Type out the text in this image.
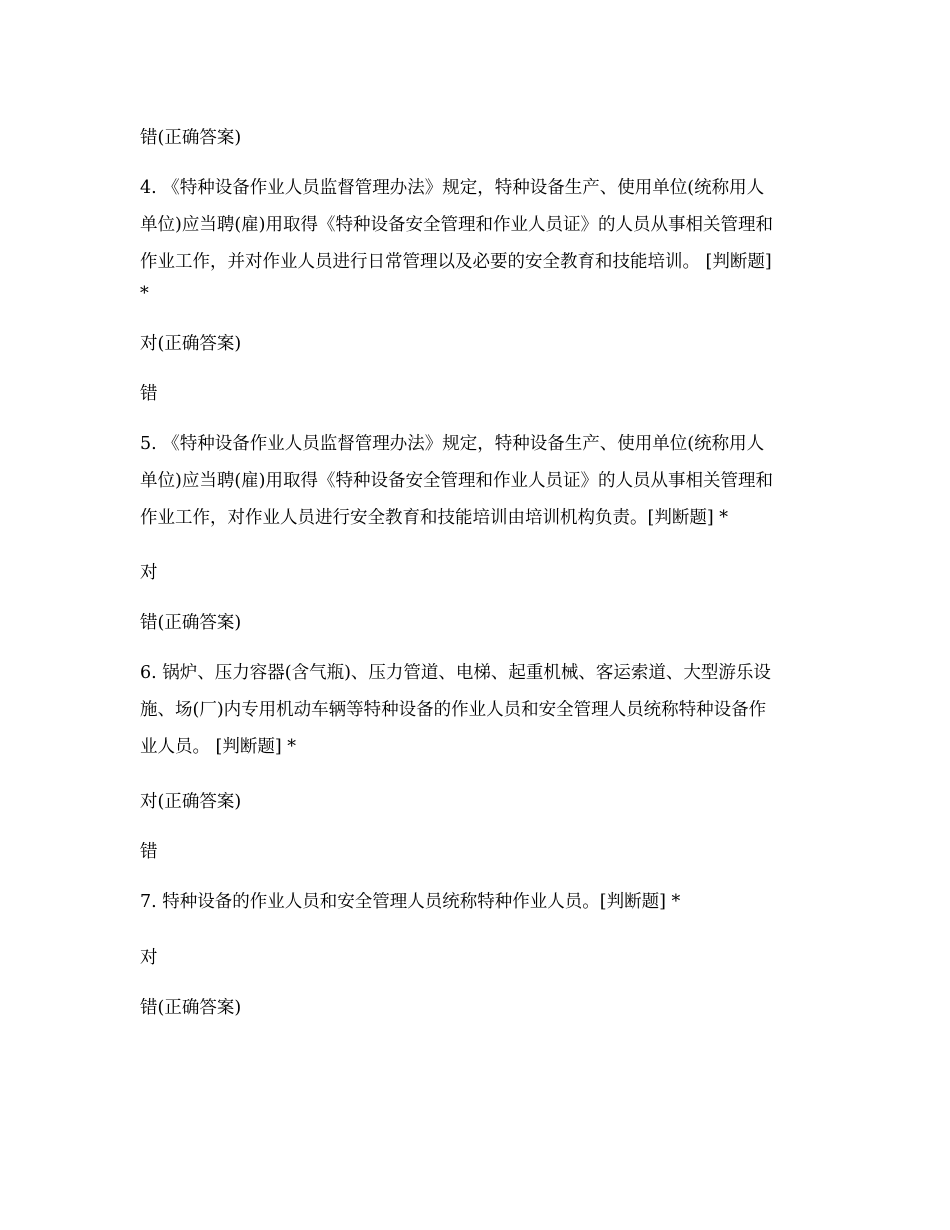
错(正确答案)
4. 《特种设备作业人员监督管理办法》规定，特种设备生产、使用单位(统称用人
单位)应当聘(雇)用取得《特种设备安全管理和作业人员证》的人员从事相关管理和
作业工作，并对作业人员进行日常管理以及必要的安全教育和技能培训。 [判断题]
*
对(正确答案)
错
5. 《特种设备作业人员监督管理办法》规定，特种设备生产、使用单位(统称用人
单位)应当聘(雇)用取得《特种设备安全管理和作业人员证》的人员从事相关管理和
作业工作，对作业人员进行安全教育和技能培训由培训机构负责。[判断题] *
对
错(正确答案)
6. 锅炉、压力容器(含气瓶)、压力管道、电梯、起重机械、客运索道、大型游乐设
施、场(厂)内专用机动车辆等特种设备的作业人员和安全管理人员统称特种设备作
业人员。 [判断题] *
对(正确答案)
错
7. 特种设备的作业人员和安全管理人员统称特种作业人员。[判断题] *
对
错(正确答案)
